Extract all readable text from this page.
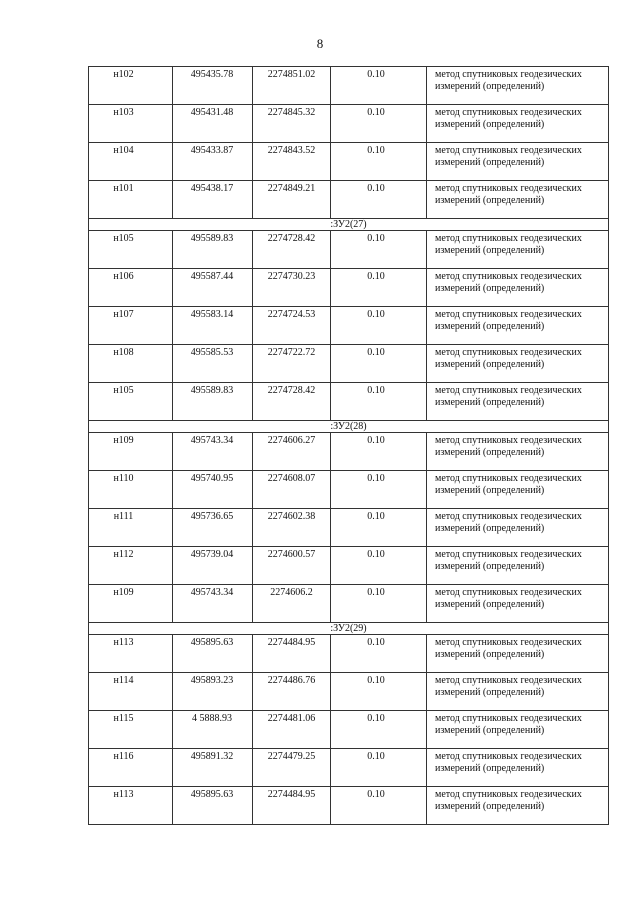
8
н102	495435.78	2274851.02	0.10	метод спутниковых геодезических измерений (определений)
н103	495431.48	2274845.32	0.10	метод спутниковых геодезических измерений (определений)
н104	495433.87	2274843.52	0.10	метод спутниковых геодезических измерений (определений)
н101	495438.17	2274849.21	0.10	метод спутниковых геодезических измерений (определений)
:ЗУ2(27)				
н105	495589.83	2274728.42	0.10	метод спутниковых геодезических измерений (определений)
н106	495587.44	2274730.23	0.10	метод спутниковых геодезических измерений (определений)
н107	495583.14	2274724.53	0.10	метод спутниковых геодезических измерений (определений)
н108	495585.53	2274722.72	0.10	метод спутниковых геодезических измерений (определений)
н105	495589.83	2274728.42	0.10	метод спутниковых геодезических измерений (определений)
:ЗУ2(28)				
н109	495743.34	2274606.27	0.10	метод спутниковых геодезических измерений (определений)
н110	495740.95	2274608.07	0.10	метод спутниковых геодезических измерений (определений)
н111	495736.65	2274602.38	0.10	метод спутниковых геодезических измерений (определений)
н112	495739.04	2274600.57	0.10	метод спутниковых геодезических измерений (определений)
н109	495743.34	2274606.2	0.10	метод спутниковых геодезических измерений (определений)
:ЗУ2(29)				
н113	495895.63	2274484.95	0.10	метод спутниковых геодезических измерений (определений)
н114	495893.23	2274486.76	0.10	метод спутниковых геодезических измерений (определений)
н115	4 5888.93	2274481.06	0.10	метод спутниковых геодезических измерений (определений)
н116	495891.32	2274479.25	0.10	метод спутниковых геодезических измерений (определений)
н113	495895.63	2274484.95	0.10	метод спутниковых геодезических измерений (определений)
